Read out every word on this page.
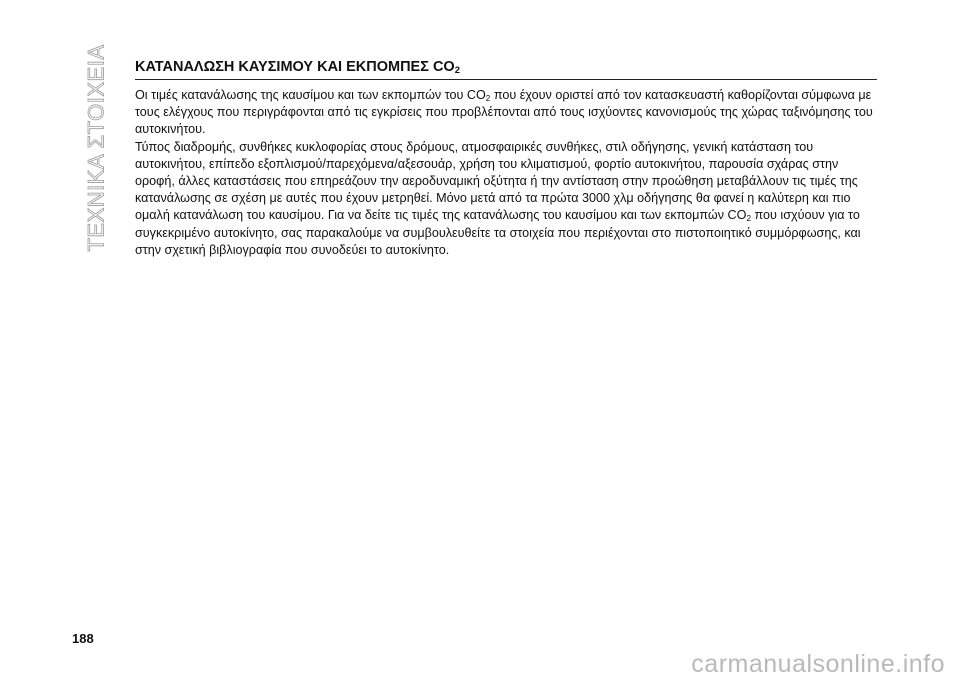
ΤΕΧΝΙΚΑ ΣΤΟΙΧΕΙΑ ΚΑΤΑΝΑΛΩΣΗ ΚΑΥΣΙΜΟΥ ΚΑΙ ΕΚΠΟΜΠΕΣ $CO_2$

Οι τιμές κατανάλωσης της καυσίμου και των εκπομπών του $CO_2$ που έχουν οριστεί από τον κατασκευαστή καθορίζονται σύμφωνα με τους ελέγχους που περιγράφονται από τις εγκρίσεις που προβλέπονται από τους ισχύοντες κανονισμούς της χώρας ταξινόμησης του αυτοκινήτου.

Τύπος διαδρομής, συνθήκες κυκλοφορίας στους δρόμους, ατμοσφαιρικές συνθήκες, στιλ οδήγησης, γενική κατάσταση του αυτοκινήτου, επίπεδο εξοπλισμού/παρεχόμενα/αξεσουάρ, χρήση του κλιματισμού, φορτίο αυτοκινήτου, παρουσία σχάρας στην οροφή, άλλες καταστάσεις που επηρεάζουν την αεροδυναμική οξύτητα ή την αντίσταση στην προώθηση μεταβάλλουν τις τιμές της κατανάλωσης σε σχέση με αυτές που έχουν μετρηθεί. Μόνο μετά από τα πρώτα 3000 χλμ οδήγησης θα φανεί η καλύτερη και πιο ομαλή κατανάλωση του καυσίμου. Για να δείτε τις τιμές της κατανάλωσης του καυσίμου και των εκπομπών $CO_2$ που ισχύουν για το συγκεκριμένο αυτοκίνητο, σας παρακαλούμε να συμβουλευθείτε τα στοιχεία που περιέχονται στο πιστοποιητικό συμμόρφωσης, και στην σχετική βιβλιογραφία που συνοδεύει το αυτοκίνητο.

188
carmanualsonline.info
